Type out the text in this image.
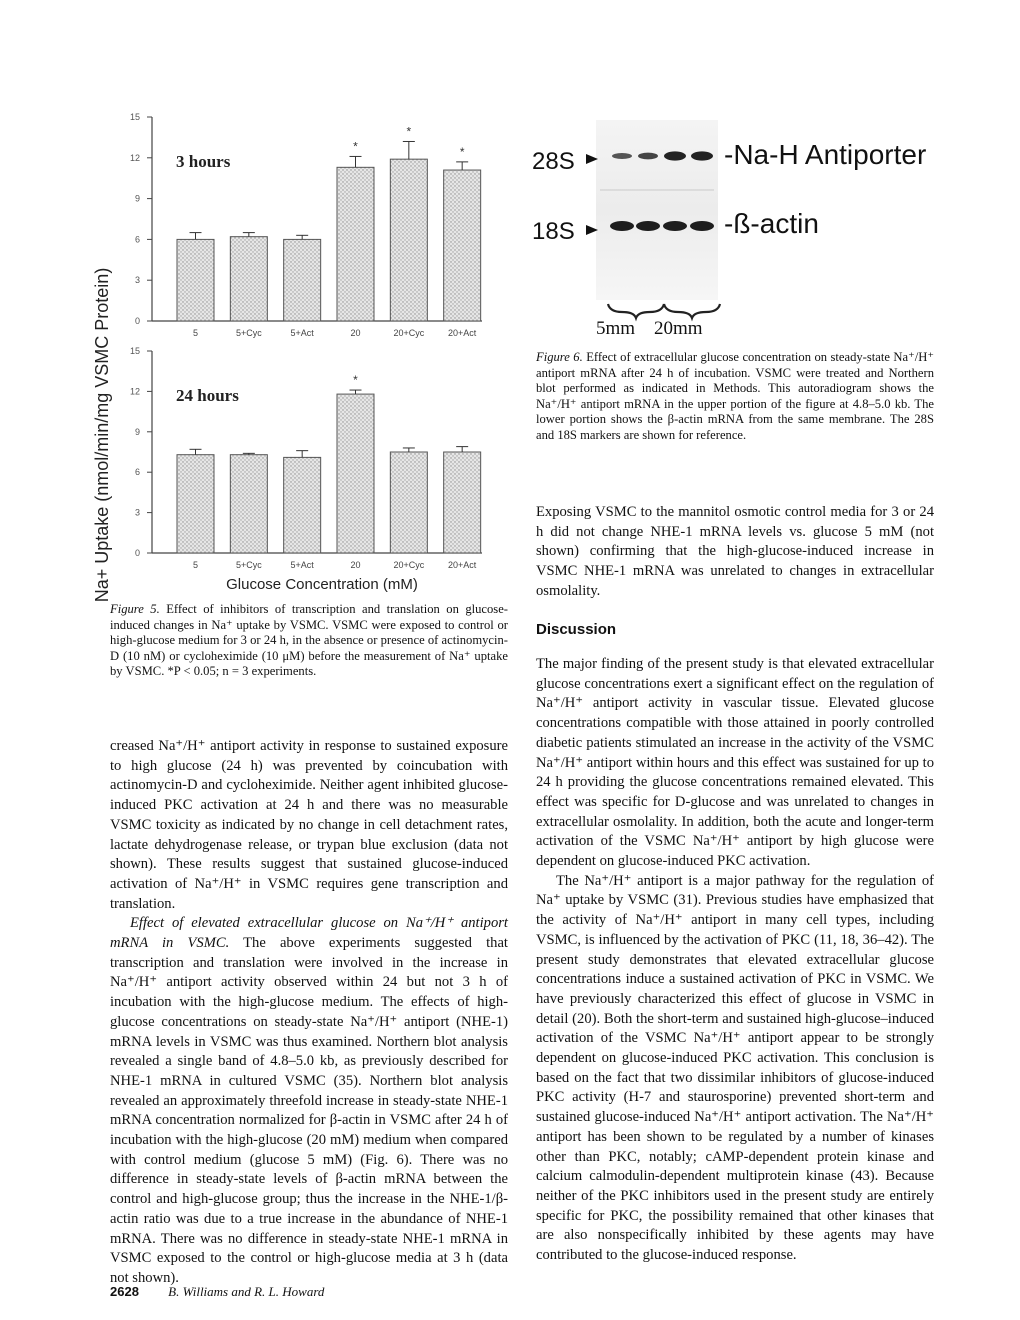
0
3
6
9
12
15
3 hours
5	5+Cyc	5+Act
*
20
*
20+Cyc
*
20+Act
0
3
6
9
12
15
24 hours
5	5+Cyc	5+Act
*
20	20+Cyc	20+Act
Na+ Uptake (nmol/min/mg VSMC Protein)	Glucose Concentration (mM)
Figure 5. Effect of inhibitors of transcription and translation on glucose-induced changes in Na⁺ uptake by VSMC. VSMC were exposed to control or high-glucose medium for 3 or 24 h, in the absence or presence of actinomycin-D (10 nM) or cycloheximide (10 μM) before the measurement of Na⁺ uptake by VSMC. *P < 0.05; n = 3 experiments.
28S
18S
-Na-H Antiporter
-ß-actin
5mm 20mm
Figure 6. Effect of extracellular glucose concentration on steady-state Na⁺/H⁺ antiport mRNA after 24 h of incubation. VSMC were treated and Northern blot performed as indicated in Methods. This autoradiogram shows the Na⁺/H⁺ antiport mRNA in the upper portion of the figure at 4.8–5.0 kb. The lower portion shows the β-actin mRNA from the same membrane. The 28S and 18S markers are shown for reference.

creased Na⁺/H⁺ antiport activity in response to sustained exposure to high glucose (24 h) was prevented by coincubation with actinomycin-D and cycloheximide. Neither agent inhibited glucose-induced PKC activation at 24 h and there was no measurable VSMC toxicity as indicated by no change in cell detachment rates, lactate dehydrogenase release, or trypan blue exclusion (data not shown). These results suggest that sustained glucose-induced activation of Na⁺/H⁺ in VSMC requires gene transcription and translation.

Effect of elevated extracellular glucose on Na⁺/H⁺ antiport mRNA in VSMC. The above experiments suggested that transcription and translation were involved in the increase in Na⁺/H⁺ antiport activity observed within 24 but not 3 h of incubation with the high-glucose medium. The effects of high-glucose concentrations on steady-state Na⁺/H⁺ antiport (NHE-1) mRNA levels in VSMC was thus examined. Northern blot analysis revealed a single band of 4.8–5.0 kb, as previously described for NHE-1 mRNA in cultured VSMC (35). Northern blot analysis revealed an approximately threefold increase in steady-state NHE-1 mRNA concentration normalized for β-actin in VSMC after 24 h of incubation with the high-glucose (20 mM) medium when compared with control medium (glucose 5 mM) (Fig. 6). There was no difference in steady-state levels of β-actin mRNA between the control and high-glucose group; thus the increase in the NHE-1/β-actin ratio was due to a true increase in the abundance of NHE-1 mRNA. There was no difference in steady-state NHE-1 mRNA in VSMC exposed to the control or high-glucose media at 3 h (data not shown).

Exposing VSMC to the mannitol osmotic control media for 3 or 24 h did not change NHE-1 mRNA levels vs. glucose 5 mM (not shown) confirming that the high-glucose-induced increase in VSMC NHE-1 mRNA was unrelated to changes in extracellular osmolality.
Discussion

The major finding of the present study is that elevated extracellular glucose concentrations exert a significant effect on the regulation of Na⁺/H⁺ antiport activity in vascular tissue. Elevated glucose concentrations compatible with those attained in poorly controlled diabetic patients stimulated an increase in the activity of the VSMC Na⁺/H⁺ antiport within hours and this effect was sustained for up to 24 h providing the glucose concentrations remained elevated. This effect was specific for D-glucose and was unrelated to changes in extracellular osmolality. In addition, both the acute and longer-term activation of the VSMC Na⁺/H⁺ antiport by high glucose were dependent on glucose-induced PKC activation.

The Na⁺/H⁺ antiport is a major pathway for the regulation of Na⁺ uptake by VSMC (31). Previous studies have emphasized that the activity of Na⁺/H⁺ antiport in many cell types, including VSMC, is influenced by the activation of PKC (11, 18, 36–42). The present study demonstrates that elevated extracellular glucose concentrations induce a sustained activation of PKC in VSMC. We have previously characterized this effect of glucose in VSMC in detail (20). Both the short-term and sustained high-glucose–induced activation of the VSMC Na⁺/H⁺ antiport appear to be strongly dependent on glucose-induced PKC activation. This conclusion is based on the fact that two dissimilar inhibitors of glucose-induced PKC activity (H-7 and staurosporine) prevented short-term and sustained glucose-induced Na⁺/H⁺ antiport activation. The Na⁺/H⁺ antiport has been shown to be regulated by a number of kinases other than PKC, notably; cAMP-dependent protein kinase and calcium calmodulin-dependent multiprotein kinase (43). Because neither of the PKC inhibitors used in the present study are entirely specific for PKC, the possibility remained that other kinases that are also nonspecifically inhibited by these agents may have contributed to the glucose-induced response.

2628 B. Williams and R. L. Howard
